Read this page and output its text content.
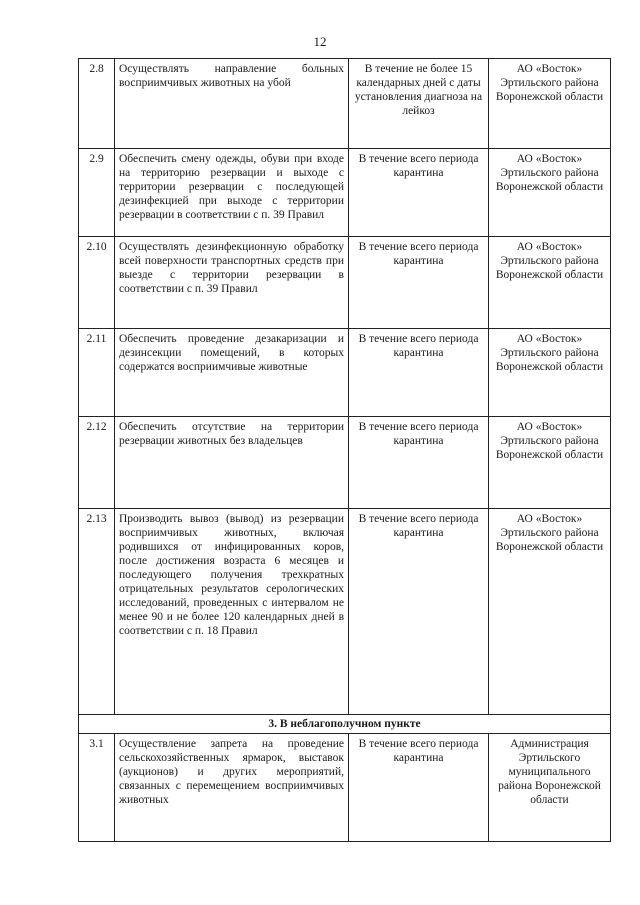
12
2.8	Осуществлять направление больных восприимчивых животных на убой	В течение не более 15 календарных дней с даты установления диагноза на лейкоз	АО «Восток» Эртильского района Воронежской области
2.9	Обеспечить смену одежды, обуви при входе на территорию резервации и выходе с территории резервации с последующей дезинфекцией при выходе с территории резервации в соответствии с п. 39 Правил	В течение всего периода карантина	АО «Восток» Эртильского района Воронежской области
2.10	Осуществлять дезинфекционную обработку всей поверхности транспортных средств при выезде с территории резервации в соответствии с п. 39 Правил	В течение всего периода карантина	АО «Восток» Эртильского района Воронежской области
2.11	Обеспечить проведение дезакаризации и дезинсекции помещений, в которых содержатся восприимчивые животные	В течение всего периода карантина	АО «Восток» Эртильского района Воронежской области
2.12	Обеспечить отсутствие на территории резервации животных без владельцев	В течение всего периода карантина	АО «Восток» Эртильского района Воронежской области
2.13	Производить вывоз (вывод) из резервации восприимчивых животных, включая родившихся от инфицированных коров, после достижения возраста 6 месяцев и последующего получения трехкратных отрицательных результатов серологических исследований, проведенных с интервалом не менее 90 и не более 120 календарных дней в соответствии с п. 18 Правил	В течение всего периода карантина	АО «Восток» Эртильского района Воронежской области
3. В неблагополучном пункте			
3.1	Осуществление запрета на проведение сельскохозяйственных ярмарок, выставок (аукционов) и других мероприятий, связанных с перемещением восприимчивых животных	В течение всего периода карантина	Администрация Эртильского муниципального района Воронежской области
